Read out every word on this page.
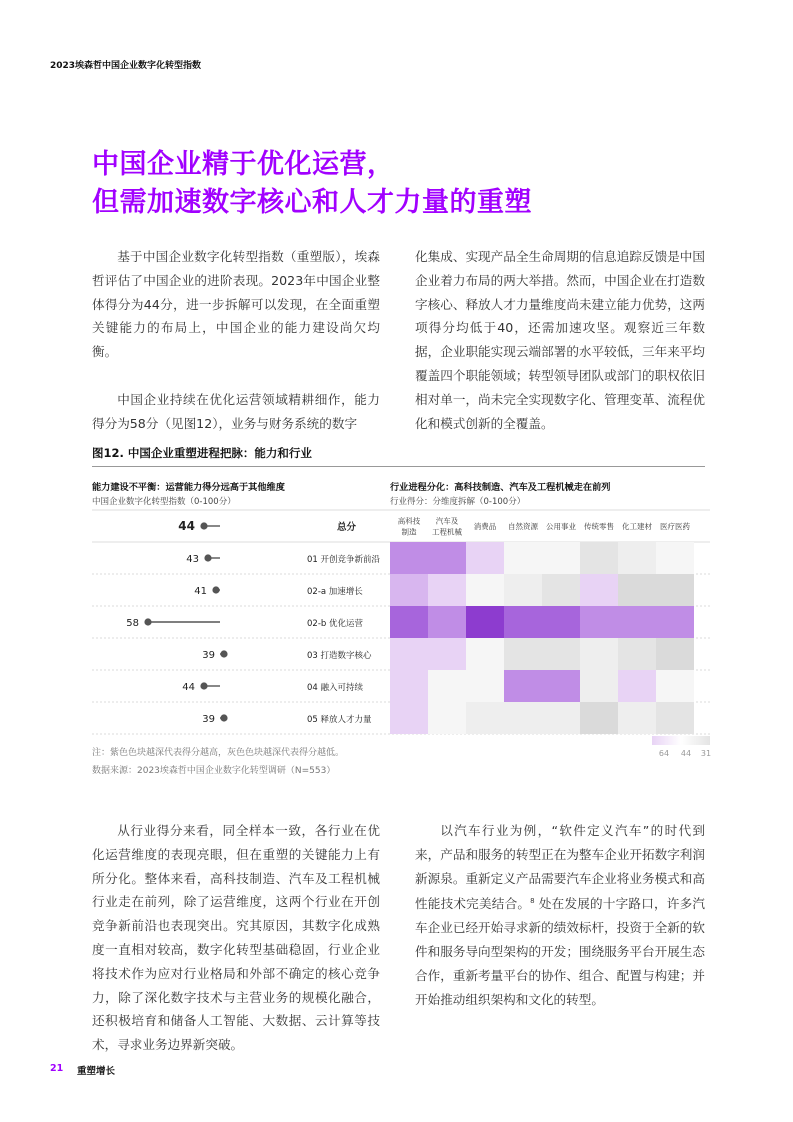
2023埃森哲中国企业数字化转型指数
中国企业精于优化运营，
但需加速数字核心和人才力量的重塑

基于中国企业数字化转型指数（重塑版），埃森哲评估了中国企业的进阶表现。2023年中国企业整体得分为44分，进一步拆解可以发现，在全面重塑关键能力的布局上，中国企业的能力建设尚欠均衡。

中国企业持续在优化运营领域精耕细作，能力得分为58分（见图12），业务与财务系统的数字

化集成、实现产品全生命周期的信息追踪反馈是中国企业着力布局的两大举措。然而，中国企业在打造数字核心、释放人才力量维度尚未建立能力优势，这两项得分均低于40，还需加速攻坚。观察近三年数据，企业职能实现云端部署的水平较低，三年来平均覆盖四个职能领域；转型领导团队或部门的职权依旧相对单一，尚未完全实现数字化、管理变革、流程优化和模式创新的全覆盖。

图12. 中国企业重塑进程把脉：能力和行业
能力建设不平衡：运营能力得分远高于其他维度
中国企业数字化转型指数（0-100分）
行业进程分化：高科技制造、汽车及工程机械走在前列
行业得分：分维度拆解（0-100分）
高科技
制造
汽车及
工程机械
消费品 自然资源 公用事业 传统零售 化工建材 医疗医药
44	总分
43	01 开创竞争新前沿
41	02-a 加速增长
58	02-b 优化运营
39	03 打造数字核心
44	04 融入可持续
39	05 释放人才力量
64 44 31
注：紫色色块越深代表得分越高，灰色色块越深代表得分越低。
数据来源：2023埃森哲中国企业数字化转型调研（N=553）

从行业得分来看，同全样本一致，各行业在优化运营维度的表现亮眼，但在重塑的关键能力上有所分化。整体来看，高科技制造、汽车及工程机械行业走在前列，除了运营维度，这两个行业在开创竞争新前沿也表现突出。究其原因，其数字化成熟度一直相对较高，数字化转型基础稳固，行业企业将技术作为应对行业格局和外部不确定的核心竞争力，除了深化数字技术与主营业务的规模化融合，还积极培育和储备人工智能、大数据、云计算等技术，寻求业务边界新突破。

以汽车行业为例，“软件定义汽车”的时代到来，产品和服务的转型正在为整车企业开拓数字利润新源泉。重新定义产品需要汽车企业将业务模式和高性能技术完美结合。$^8$ 处在发展的十字路口，许多汽车企业已经开始寻求新的绩效标杆，投资于全新的软件和服务导向型架构的开发；围绕服务平台开展生态合作，重新考量平台的协作、组合、配置与构建；并开始推动组织架构和文化的转型。

21 重塑增长
